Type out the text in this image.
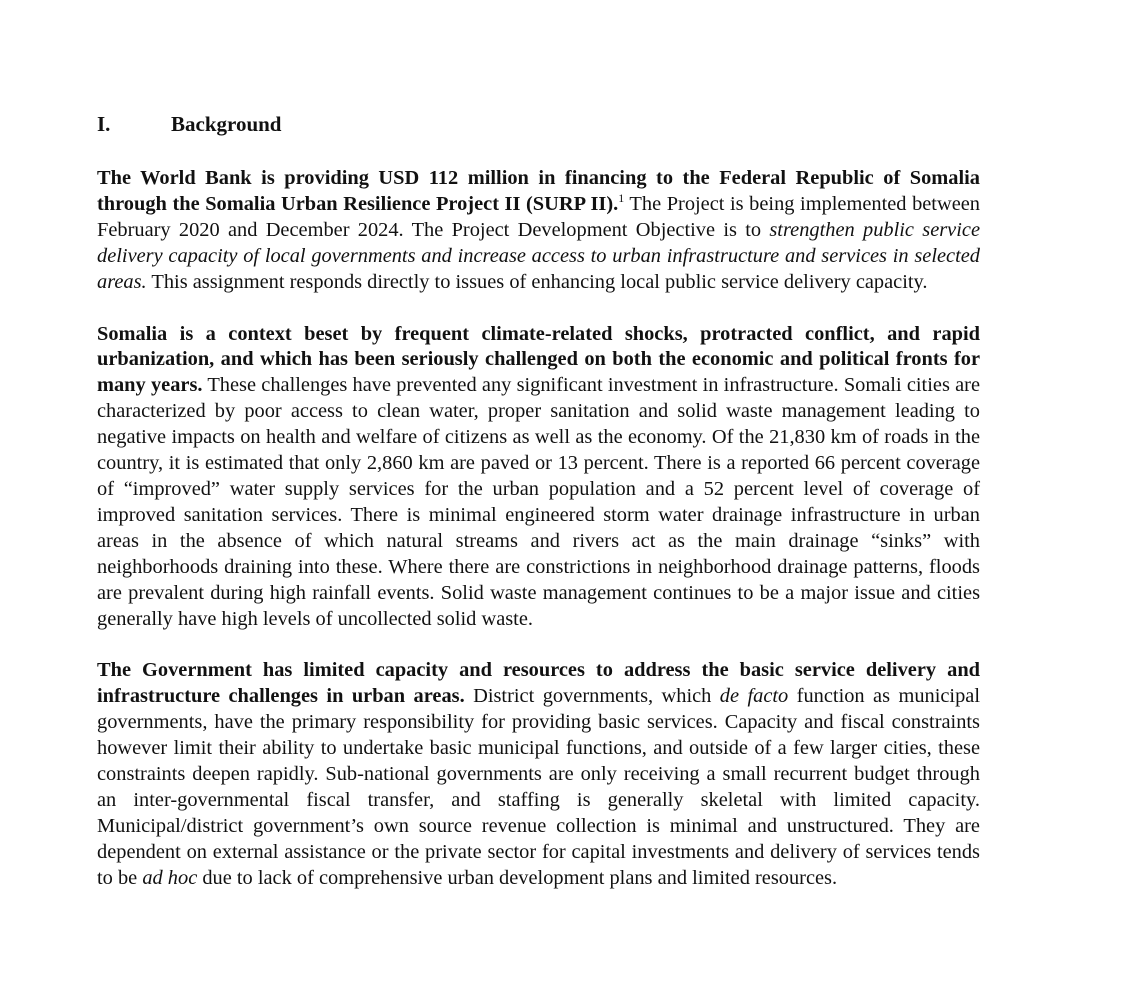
I.	Background

The World Bank is providing USD 112 million in financing to the Federal Republic of Somalia through the Somalia Urban Resilience Project II (SURP II).$^1$ The Project is being implemented between February 2020 and December 2024. The Project Development Objective is to strengthen public service delivery capacity of local governments and increase access to urban infrastructure and services in selected areas. This assignment responds directly to issues of enhancing local public service delivery capacity.

Somalia is a context beset by frequent climate-related shocks, protracted conflict, and rapid urbanization, and which has been seriously challenged on both the economic and political fronts for many years. These challenges have prevented any significant investment in infrastructure. Somali cities are characterized by poor access to clean water, proper sanitation and solid waste management leading to negative impacts on health and welfare of citizens as well as the economy. Of the 21,830 km of roads in the country, it is estimated that only 2,860 km are paved or 13 percent. There is a reported 66 percent coverage of “improved” water supply services for the urban population and a 52 percent level of coverage of improved sanitation services. There is minimal engineered storm water drainage infrastructure in urban areas in the absence of which natural streams and rivers act as the main drainage “sinks” with neighborhoods draining into these. Where there are constrictions in neighborhood drainage patterns, floods are prevalent during high rainfall events. Solid waste management continues to be a major issue and cities generally have high levels of uncollected solid waste.

The Government has limited capacity and resources to address the basic service delivery and infrastructure challenges in urban areas. District governments, which de facto function as municipal governments, have the primary responsibility for providing basic services. Capacity and fiscal constraints however limit their ability to undertake basic municipal functions, and outside of a few larger cities, these constraints deepen rapidly. Sub-national governments are only receiving a small recurrent budget through an inter-governmental fiscal transfer, and staffing is generally skeletal with limited capacity. Municipal/district government’s own source revenue collection is minimal and unstructured. They are dependent on external assistance or the private sector for capital investments and delivery of services tends to be ad hoc due to lack of comprehensive urban development plans and limited resources.
